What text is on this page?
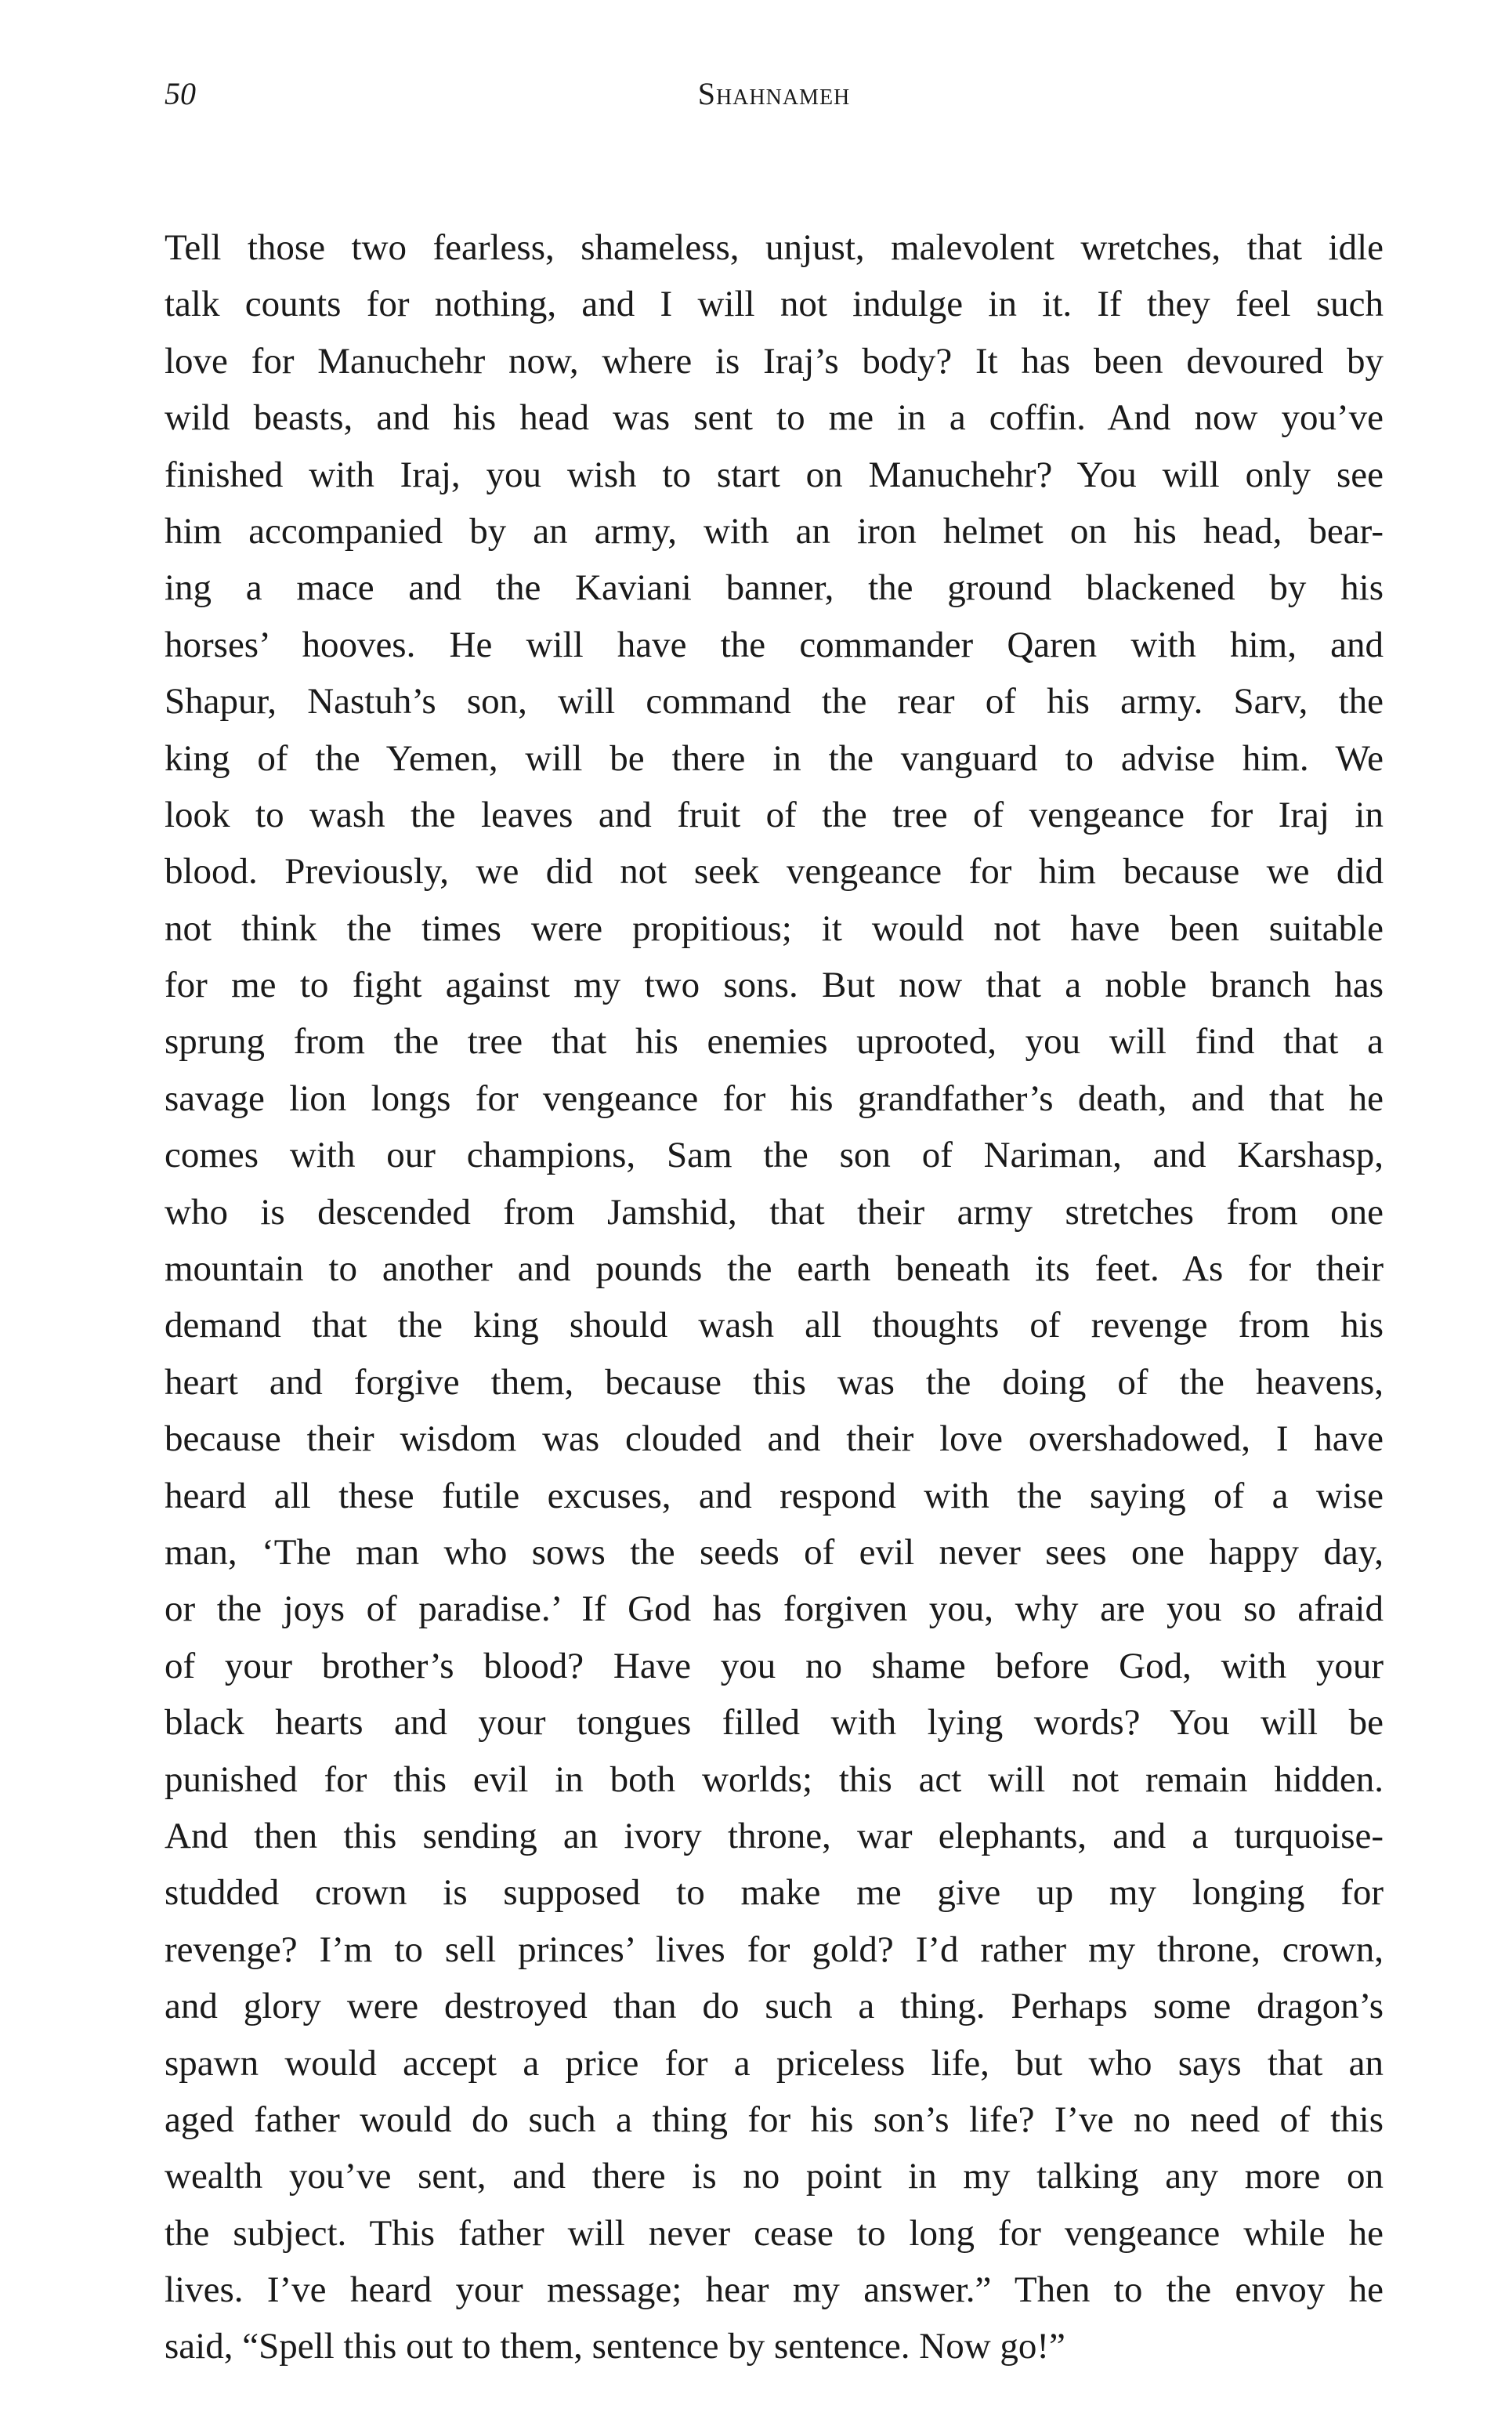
50	Shahnameh
Tell those two fearless, shameless, unjust, malevolent wretches, that idle
talk counts for nothing, and I will not indulge in it. If they feel such
love for Manuchehr now, where is Iraj’s body? It has been devoured by
wild beasts, and his head was sent to me in a coffin. And now you’ve
finished with Iraj, you wish to start on Manuchehr? You will only see
him accompanied by an army, with an iron helmet on his head, bear-
ing a mace and the Kaviani banner, the ground blackened by his
horses’ hooves. He will have the commander Qaren with him, and
Shapur, Nastuh’s son, will command the rear of his army. Sarv, the
king of the Yemen, will be there in the vanguard to advise him. We
look to wash the leaves and fruit of the tree of vengeance for Iraj in
blood. Previously, we did not seek vengeance for him because we did
not think the times were propitious; it would not have been suitable
for me to fight against my two sons. But now that a noble branch has
sprung from the tree that his enemies uprooted, you will find that a
savage lion longs for vengeance for his grandfather’s death, and that he
comes with our champions, Sam the son of Nariman, and Karshasp,
who is descended from Jamshid, that their army stretches from one
mountain to another and pounds the earth beneath its feet. As for their
demand that the king should wash all thoughts of revenge from his
heart and forgive them, because this was the doing of the heavens,
because their wisdom was clouded and their love overshadowed, I have
heard all these futile excuses, and respond with the saying of a wise
man, ‘The man who sows the seeds of evil never sees one happy day,
or the joys of paradise.’ If God has forgiven you, why are you so afraid
of your brother’s blood? Have you no shame before God, with your
black hearts and your tongues filled with lying words? You will be
punished for this evil in both worlds; this act will not remain hidden.
And then this sending an ivory throne, war elephants, and a turquoise-
studded crown is supposed to make me give up my longing for
revenge? I’m to sell princes’ lives for gold? I’d rather my throne, crown,
and glory were destroyed than do such a thing. Perhaps some dragon’s
spawn would accept a price for a priceless life, but who says that an
aged father would do such a thing for his son’s life? I’ve no need of this
wealth you’ve sent, and there is no point in my talking any more on
the subject. This father will never cease to long for vengeance while he
lives. I’ve heard your message; hear my answer.” Then to the envoy he
said, “Spell this out to them, sentence by sentence. Now go!”
